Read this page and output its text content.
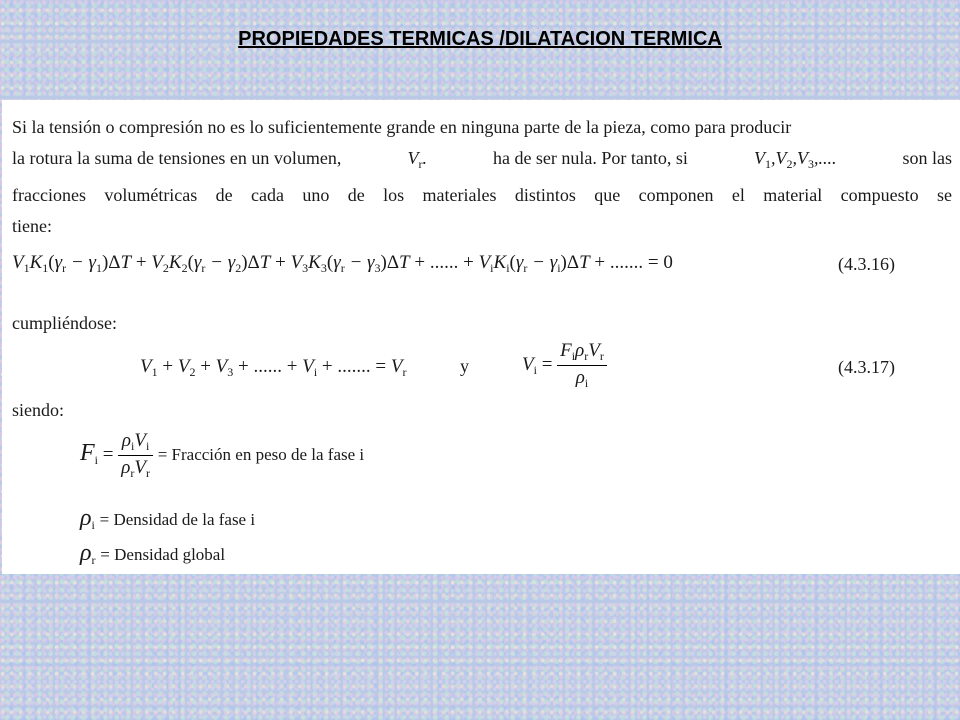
PROPIEDADES TERMICAS /DILATACION TERMICA
Si la tensión o compresión no es lo suficientemente grande en ninguna parte de la pieza, como para producir
la rotura la suma de tensiones en un volumen,	$V_r$.	ha de ser nula. Por tanto, si	$V_1,V_2,V_3$,....	son las
fracciones volumétricas de cada uno de los materiales distintos que componen el material compuesto se
tiene:
$V_1K_1(\gamma_r - \gamma_1)\Delta T + V_2K_2(\gamma_r - \gamma_2)\Delta T + V_3K_3(\gamma_r - \gamma_3)\Delta T$ + ...... + $V_iK_i(\gamma_r - \gamma_i)\Delta T$ + ....... = 0	(4.3.16)
cumpliéndose:
$V_1 + V_2 + V_3$ + ...... + $V_i$ + ....... = $V_r$	y	$V_i = \frac{F_i\rho_rV_r}{\rho_i}$	(4.3.17)
siendo:
$F_i = \frac{\rho_iV_i}{\rho_rV_r}$ = Fracción en peso de la fase i
$\rho_i$ = Densidad de la fase i
$\rho_r$ = Densidad global
